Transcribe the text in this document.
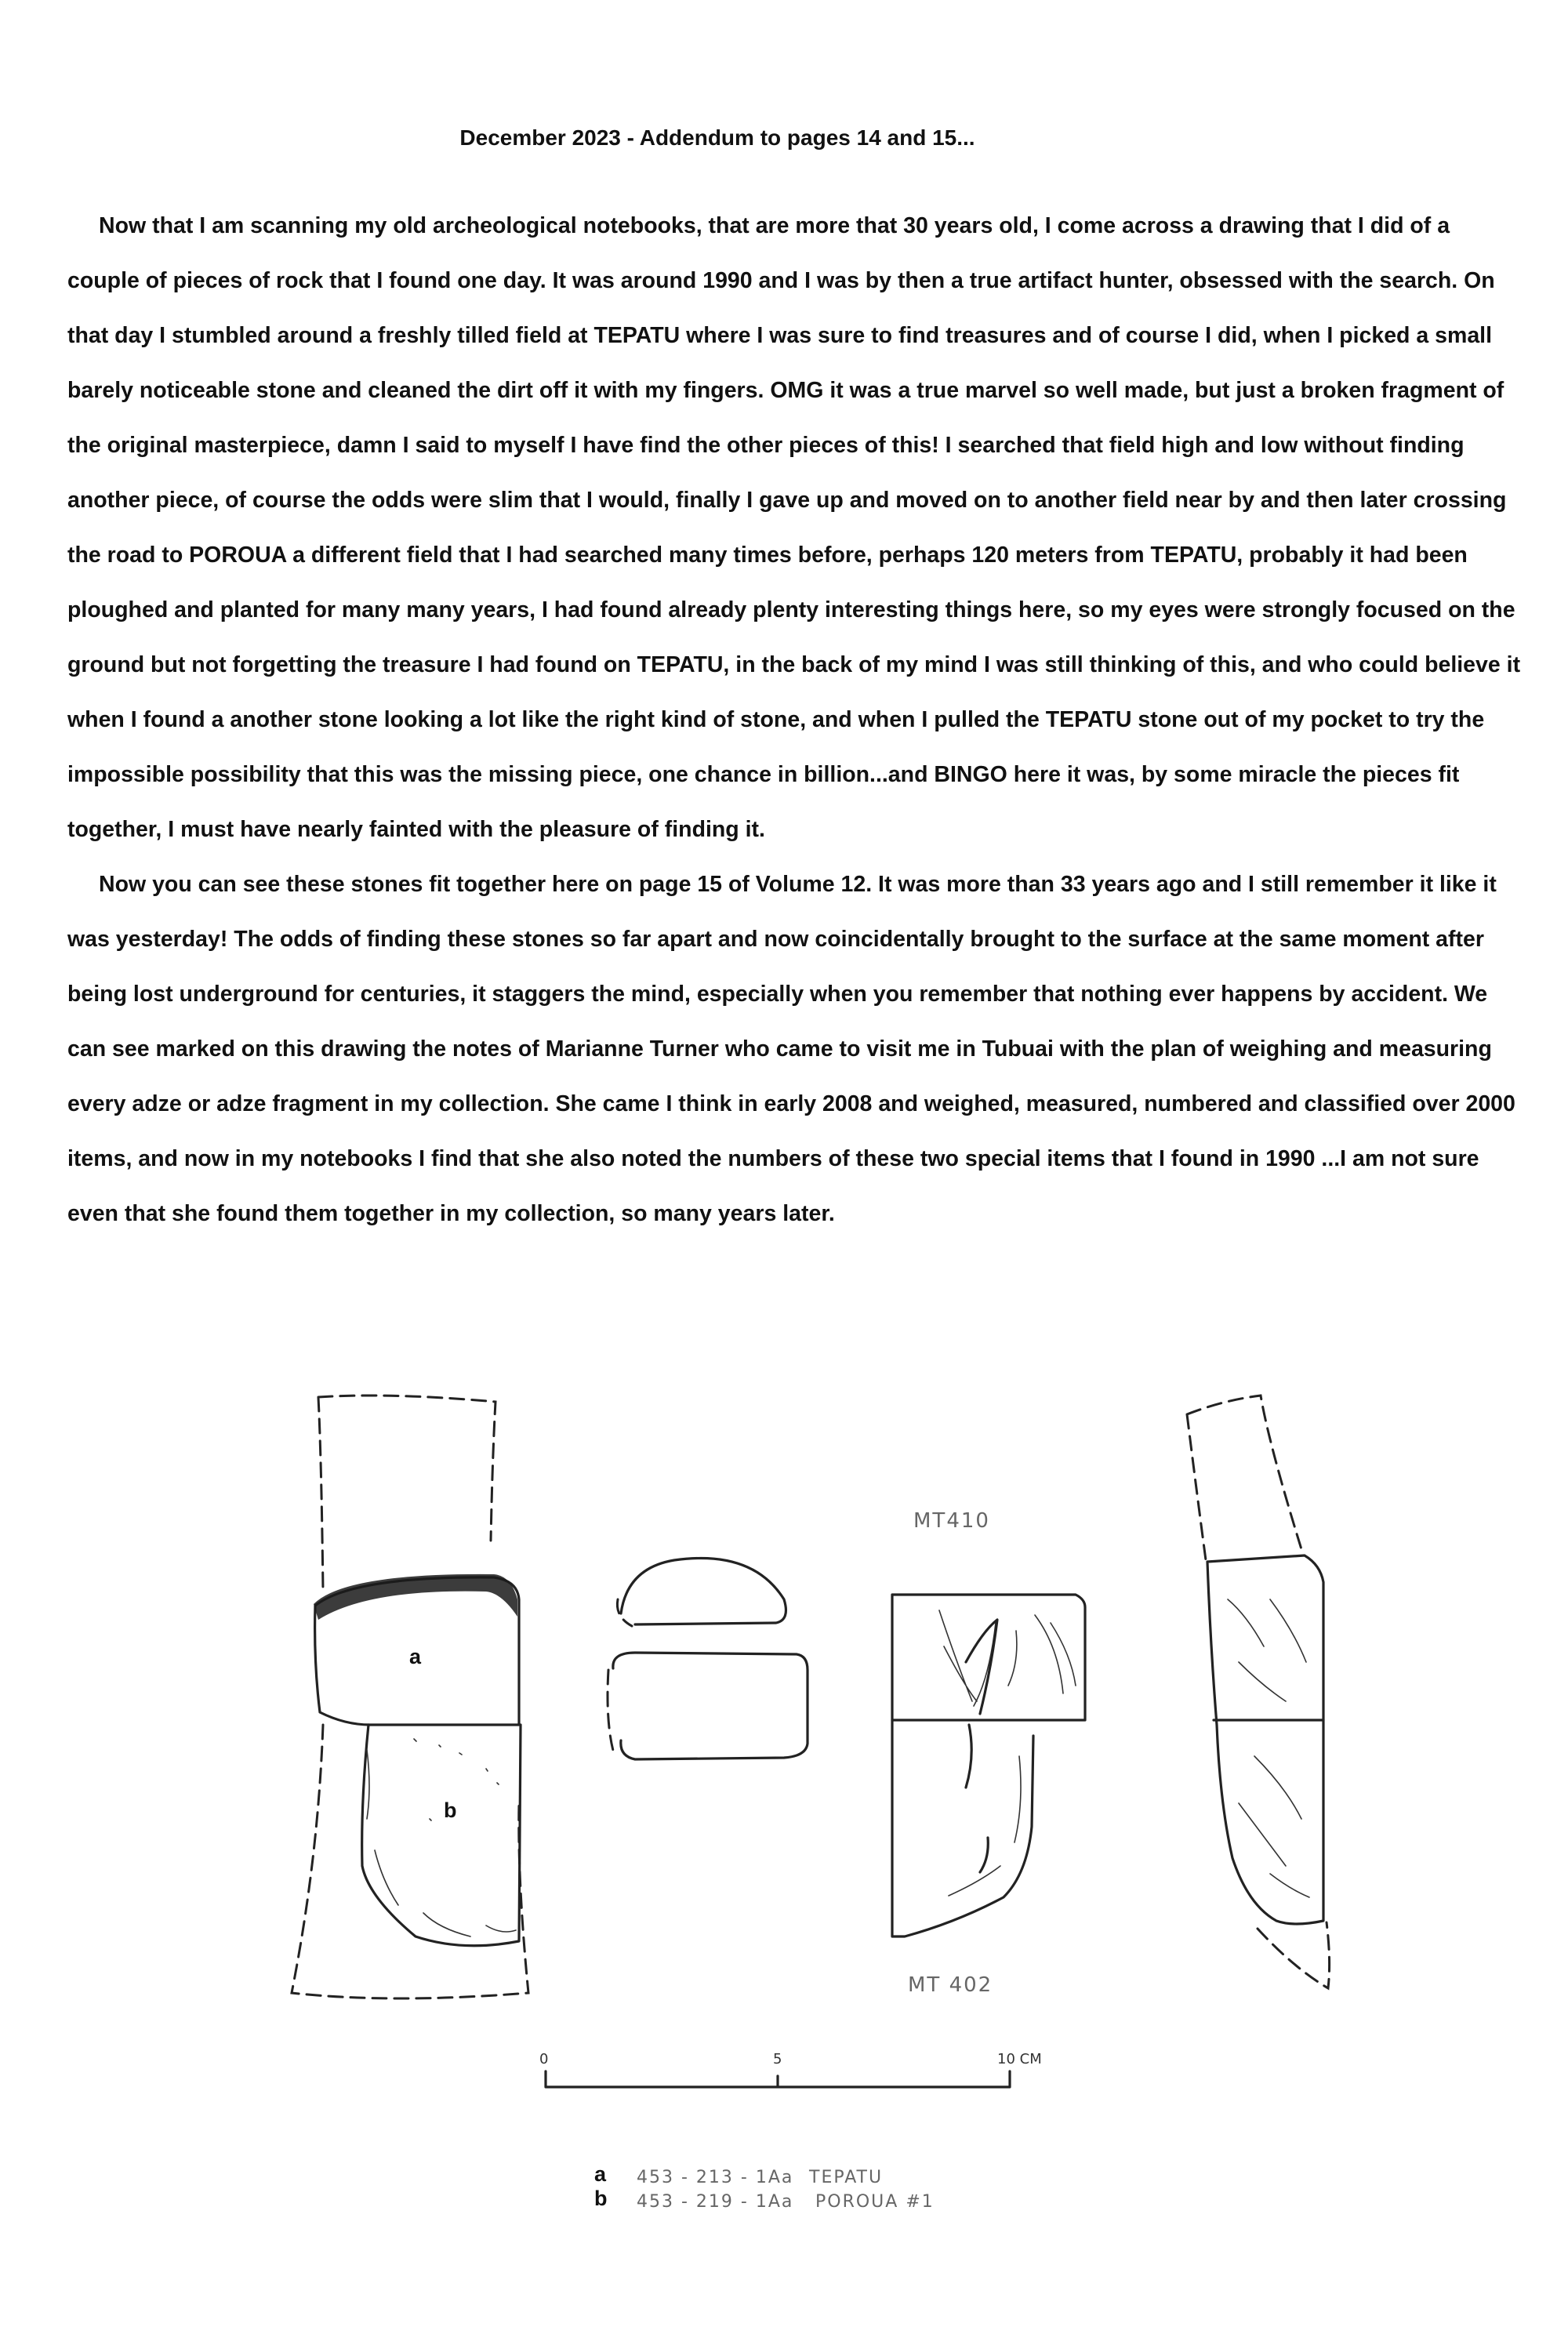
December 2023 - Addendum to pages 14 and 15...

Now that I am scanning my old archeological notebooks, that are more that 30 years old, I come across a drawing that I did of a couple of pieces of rock that I found one day. It was around 1990 and I was by then a true artifact hunter, obsessed with the search. On that day I stumbled around a freshly tilled field at TEPATU where I was sure to find treasures and of course I did, when I picked a small barely noticeable stone and cleaned the dirt off it with my fingers. OMG it was a true marvel so well made, but just a broken fragment of the original masterpiece, damn I said to myself I have find the other pieces of this! I searched that field high and low without finding another piece, of course the odds were slim that I would, finally I gave up and moved on to another field near by and then later crossing the road to POROUA a different field that I had searched many times before, perhaps 120 meters from TEPATU, probably it had been ploughed and planted for many many years, I had found already plenty interesting things here, so my eyes were strongly focused on the ground but not forgetting the treasure I had found on TEPATU, in the back of my mind I was still thinking of this, and who could believe it when I found a another stone looking a lot like the right kind of stone, and when I pulled the TEPATU stone out of my pocket to try the impossible possibility that this was the missing piece, one chance in billion...and BINGO here it was, by some miracle the pieces fit together, I must have nearly fainted with the pleasure of finding it.

Now you can see these stones fit together here on page 15 of Volume 12. It was more than 33 years ago and I still remember it like it was yesterday! The odds of finding these stones so far apart and now coincidentally brought to the surface at the same moment after being lost underground for centuries, it staggers the mind, especially when you remember that nothing ever happens by accident. We can see marked on this drawing the notes of Marianne Turner who came to visit me in Tubuai with the plan of weighing and measuring every adze or adze fragment in my collection. She came I think in early 2008 and weighed, measured, numbered and classified over 2000 items, and now in my notebooks I find that she also noted the numbers of these two special items that I found in 1990 ...I am not sure even that she found them together in my collection, so many years later.

a
b
MT410
MT 402
0	5	10 CM
a 453 - 213 - 1Aa TEPATU
b 453 - 219 - 1Aa POROUA #1
